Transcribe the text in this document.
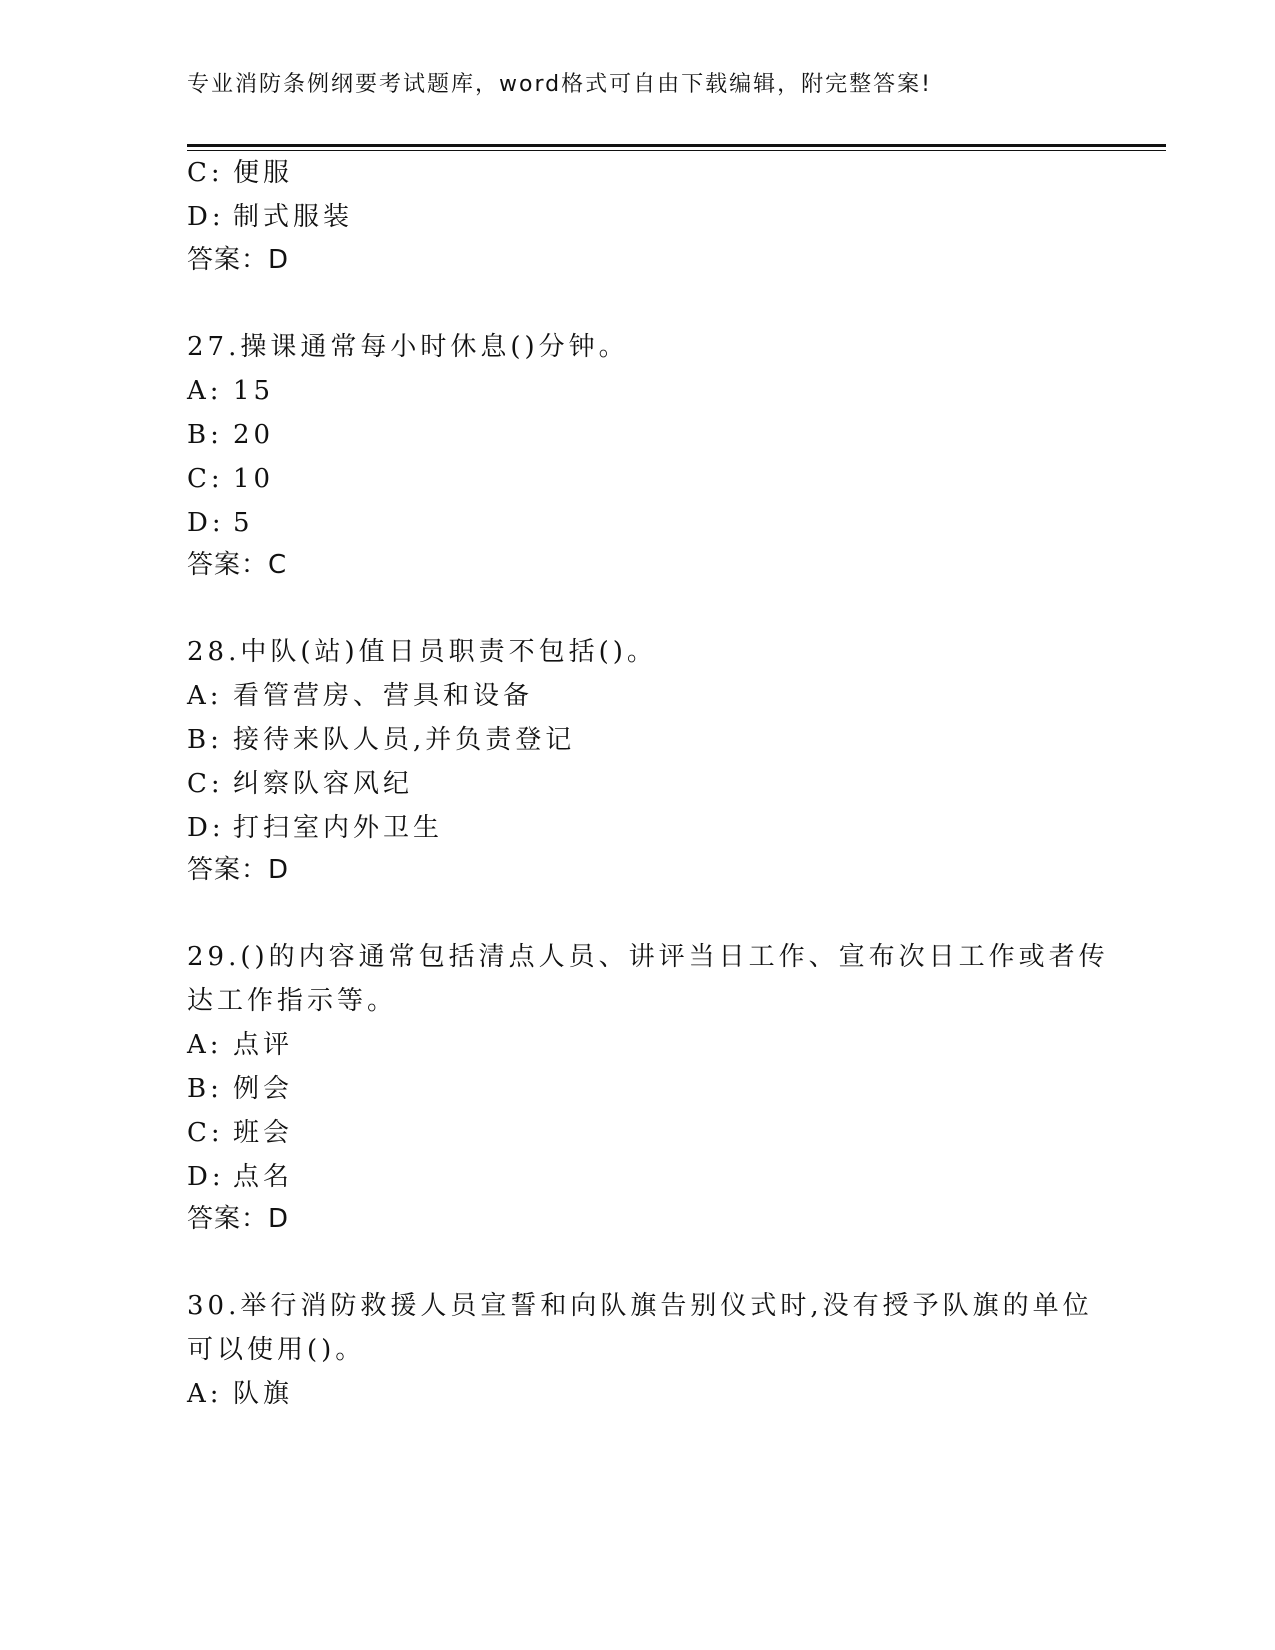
专业消防条例纲要考试题库，word格式可自由下载编辑，附完整答案!
C: 便服
D: 制式服装
答案：D
27.操课通常每小时休息()分钟。
A: 15
B: 20
C: 10
D: 5
答案：C
28.中队(站)值日员职责不包括()。
A: 看管营房、营具和设备
B: 接待来队人员,并负责登记
C: 纠察队容风纪
D: 打扫室内外卫生
答案：D
29.()的内容通常包括清点人员、讲评当日工作、宣布次日工作或者传
达工作指示等。
A: 点评
B: 例会
C: 班会
D: 点名
答案：D
30.举行消防救援人员宣誓和向队旗告别仪式时,没有授予队旗的单位
可以使用()。
A: 队旗
